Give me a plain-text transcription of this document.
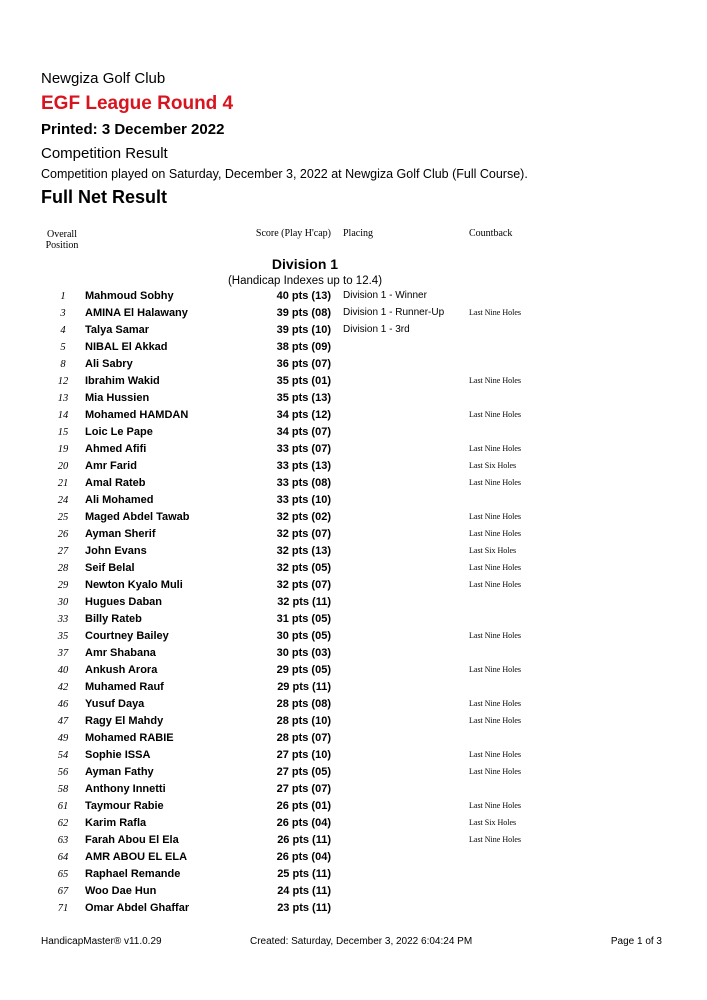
Newgiza Golf Club
EGF League Round 4
Printed: 3 December 2022
Competition Result
Competition played on Saturday, December 3, 2022 at Newgiza Golf Club (Full Course).
Full Net Result
Overall Position
Score (Play H'cap) Placing	Countback
Division 1
(Handicap Indexes up to 12.4)
1	Mahmoud Sobhy	40 pts (13) Division 1 - Winner
3	AMINA El Halawany	39 pts (08) Division 1 - Runner-Up	Last Nine Holes
4	Talya Samar	39 pts (10) Division 1 - 3rd
5	NIBAL El Akkad	38 pts (09)
8	Ali Sabry	36 pts (07)
12	Ibrahim Wakid	35 pts (01)	Last Nine Holes
13	Mia Hussien	35 pts (13)
14	Mohamed HAMDAN	34 pts (12)	Last Nine Holes
15	Loic Le Pape	34 pts (07)
19	Ahmed Afifi	33 pts (07)	Last Nine Holes
20	Amr Farid	33 pts (13)	Last Six Holes
21	Amal Rateb	33 pts (08)	Last Nine Holes
24	Ali Mohamed	33 pts (10)
25	Maged Abdel Tawab	32 pts (02)	Last Nine Holes
26	Ayman Sherif	32 pts (07)	Last Nine Holes
27	John Evans	32 pts (13)	Last Six Holes
28	Seif Belal	32 pts (05)	Last Nine Holes
29	Newton Kyalo Muli	32 pts (07)	Last Nine Holes
30	Hugues Daban	32 pts (11)
33	Billy Rateb	31 pts (05)
35	Courtney Bailey	30 pts (05)	Last Nine Holes
37	Amr Shabana	30 pts (03)
40	Ankush Arora	29 pts (05)	Last Nine Holes
42	Muhamed Rauf	29 pts (11)
46	Yusuf Daya	28 pts (08)	Last Nine Holes
47	Ragy El Mahdy	28 pts (10)	Last Nine Holes
49	Mohamed RABIE	28 pts (07)
54	Sophie ISSA	27 pts (10)	Last Nine Holes
56	Ayman Fathy	27 pts (05)	Last Nine Holes
58	Anthony Innetti	27 pts (07)
61	Taymour Rabie	26 pts (01)	Last Nine Holes
62	Karim Rafla	26 pts (04)	Last Six Holes
63	Farah Abou El Ela	26 pts (11)	Last Nine Holes
64	AMR ABOU EL ELA	26 pts (04)
65	Raphael Remande	25 pts (11)
67	Woo Dae Hun	24 pts (11)
71	Omar Abdel Ghaffar	23 pts (11)
HandicapMaster® v11.0.29	Created: Saturday, December 3, 2022 6:04:24 PM	Page 1 of 3
